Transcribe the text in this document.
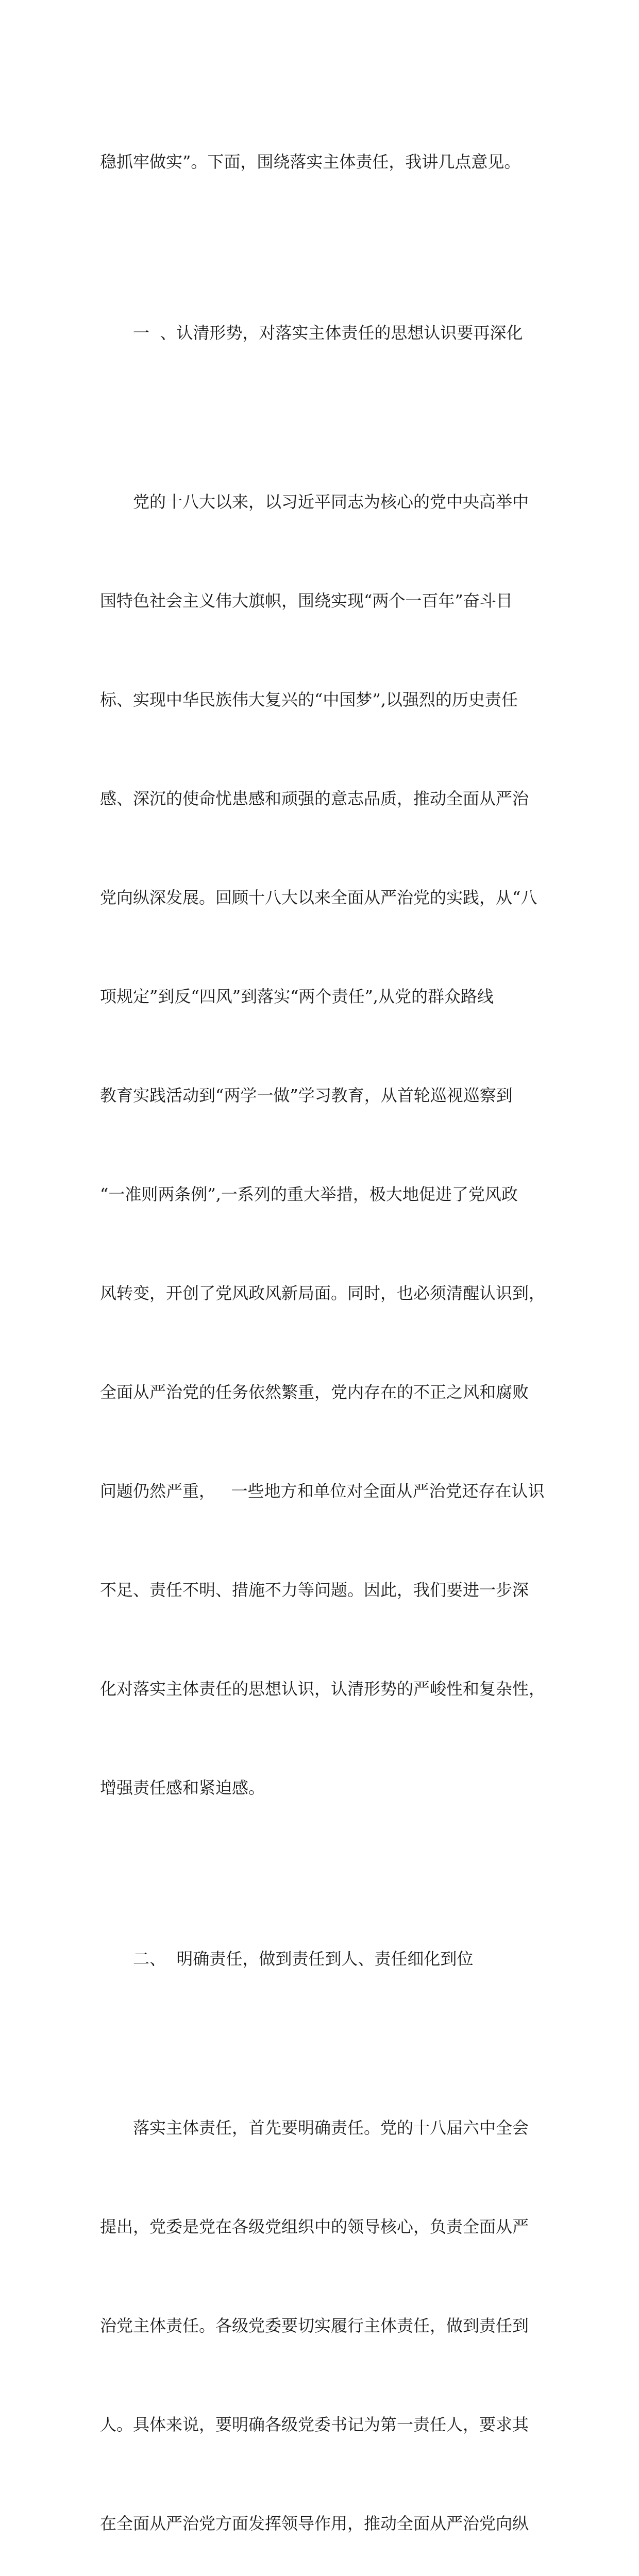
稳抓牢做实”。下面，围绕落实主体责任，我讲几点意见。

一  、认清形势，对落实主体责任的思想认识要再深化

党的十八大以来，以习近平同志为核心的党中央高举中

国特色社会主义伟大旗帜，围绕实现“两个一百年”奋斗目

标、实现中华民族伟大复兴的“中国梦”,以强烈的历史责任

感、深沉的使命忧患感和顽强的意志品质，推动全面从严治

党向纵深发展。回顾十八大以来全面从严治党的实践，从“八

项规定”到反“四风”到落实“两个责任”,从党的群众路线

教育实践活动到“两学一做”学习教育，从首轮巡视巡察到

“一准则两条例”,一系列的重大举措，极大地促进了党风政

风转变，开创了党风政风新局面。同时，也必须清醒认识到，

全面从严治党的任务依然繁重，党内存在的不正之风和腐败

问题仍然严重，   一些地方和单位对全面从严治党还存在认识

不足、责任不明、措施不力等问题。因此，我们要进一步深

化对落实主体责任的思想认识，认清形势的严峻性和复杂性，

增强责任感和紧迫感。

二、  明确责任，做到责任到人、责任细化到位

落实主体责任，首先要明确责任。党的十八届六中全会

提出，党委是党在各级党组织中的领导核心，负责全面从严

治党主体责任。各级党委要切实履行主体责任，做到责任到

人。具体来说，要明确各级党委书记为第一责任人，要求其

在全面从严治党方面发挥领导作用，推动全面从严治党向纵
